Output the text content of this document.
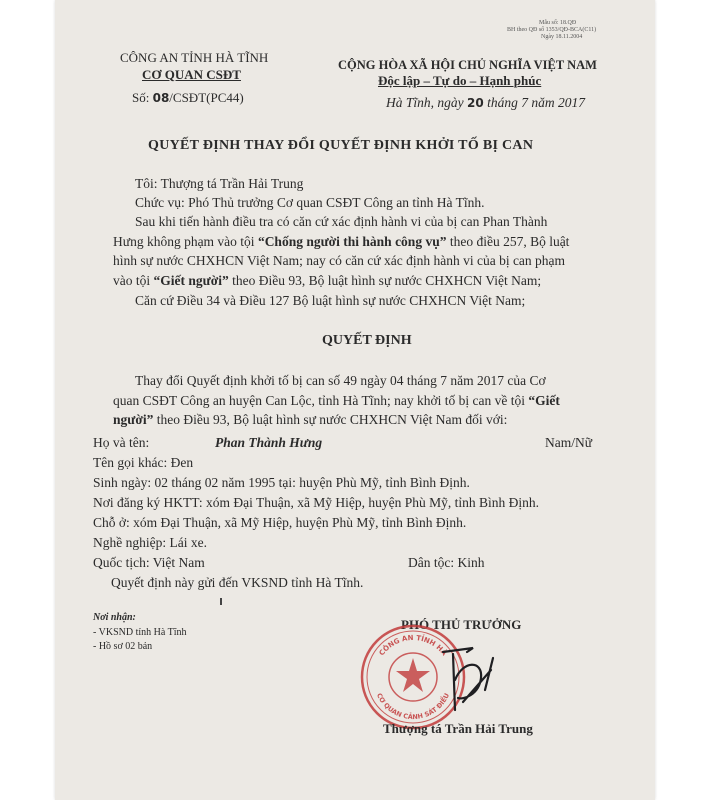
Mẫu số: 18.QĐ
BH theo QĐ số 1353/QĐ-BCA(C11)
Ngày 18.11.2004
CÔNG AN TỈNH HÀ TĨNH
CƠ QUAN CSĐT
Số: 08/CSĐT(PC44)
CỘNG HÒA XÃ HỘI CHỦ NGHĨA VIỆT NAM
Độc lập – Tự do – Hạnh phúc
Hà Tĩnh, ngày 20 tháng 7 năm 2017
QUYẾT ĐỊNH THAY ĐỔI QUYẾT ĐỊNH KHỞI TỐ BỊ CAN
Tôi: Thượng tá Trần Hải Trung
Chức vụ: Phó Thủ trưởng Cơ quan CSĐT Công an tỉnh Hà Tĩnh.
Sau khi tiến hành điều tra có căn cứ xác định hành vi của bị can Phan Thành
Hưng không phạm vào tội “Chống người thi hành công vụ” theo điều 257, Bộ luật
hình sự nước CHXHCN Việt Nam; nay có căn cứ xác định hành vi của bị can phạm
vào tội “Giết người” theo Điều 93, Bộ luật hình sự nước CHXHCN Việt Nam;
Căn cứ Điều 34 và Điều 127 Bộ luật hình sự nước CHXHCN Việt Nam;
QUYẾT ĐỊNH
Thay đổi Quyết định khởi tố bị can số 49 ngày 04 tháng 7 năm 2017 của Cơ
quan CSĐT Công an huyện Can Lộc, tỉnh Hà Tĩnh; nay khởi tố bị can về tội “Giết
người” theo Điều 93, Bộ luật hình sự nước CHXHCN Việt Nam đối với:
Họ và tên:	Phan Thành Hưng	Nam/Nữ
Tên gọi khác: Đen
Sinh ngày: 02 tháng 02 năm 1995 tại: huyện Phù Mỹ, tỉnh Bình Định.
Nơi đăng ký HKTT: xóm Đại Thuận, xã Mỹ Hiệp, huyện Phù Mỹ, tỉnh Bình Định.
Chỗ ở: xóm Đại Thuận, xã Mỹ Hiệp, huyện Phù Mỹ, tỉnh Bình Định.
Nghề nghiệp: Lái xe.
Quốc tịch: Việt Nam	Dân tộc: Kinh
Quyết định này gửi đến VKSND tỉnh Hà Tĩnh.
Nơi nhận:
- VKSND tỉnh Hà Tĩnh
- Hồ sơ 02 bản
PHÓ THỦ TRƯỞNG
CÔNG AN TỈNH HÀ
CƠ QUAN CẢNH SÁT ĐIỀU
Thượng tá Trần Hải Trung
